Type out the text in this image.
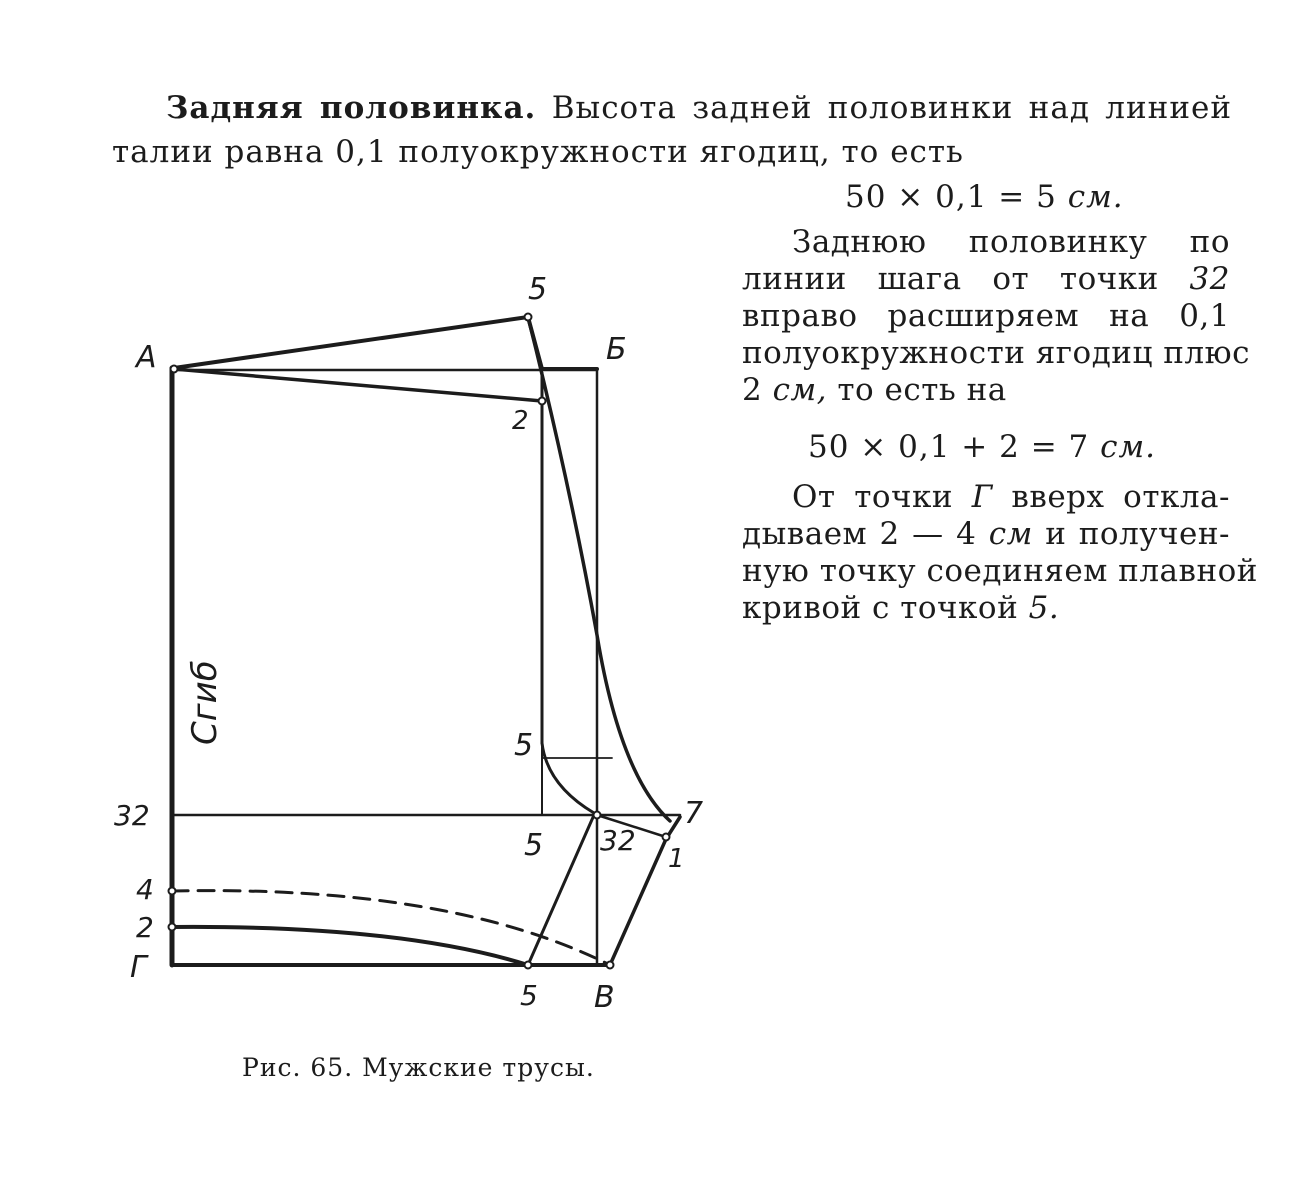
Задняя половинка. Высота задней половинки над линией
талии равна 0,1 полуокружности ягодиц, то есть
50 × 0,1 = 5 см.
Заднюю половинку по
линии шага от точки 32
вправо расширяем на 0,1
полуокружности ягодиц плюс
2 см, то есть на
50 × 0,1 + 2 = 7 см.
От точки Г вверх откла-
дываем 2 — 4 см и получен-
ную точку соединяем плавной
кривой с точкой 5.
A	Б
5
2
5
32
5 32
7
1
4
2
Г
5 В
Сгиб
Рис. 65. Мужские трусы.
